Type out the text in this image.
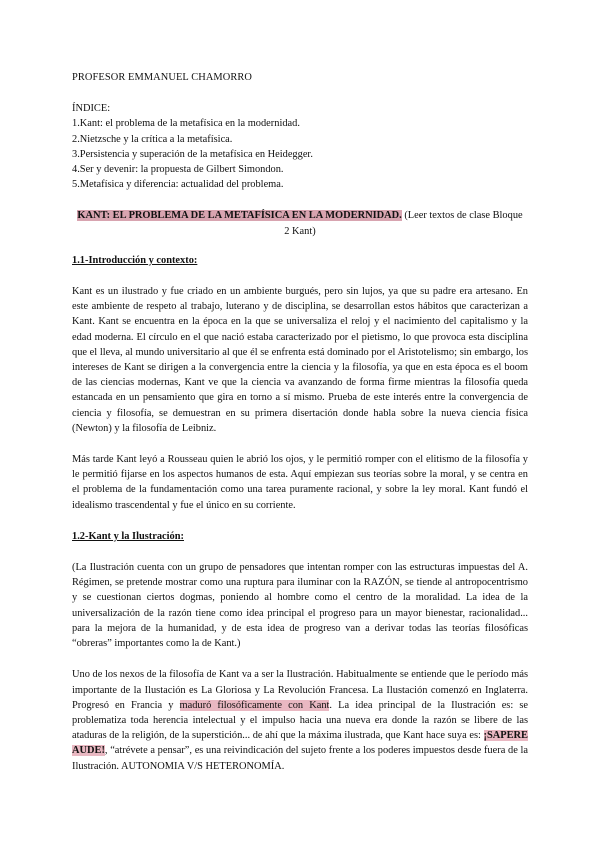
PROFESOR EMMANUEL CHAMORRO
ÍNDICE:
1.Kant: el problema de la metafísica en la modernidad.
2.Nietzsche y la crítica a la metafísica.
3.Persistencia y superación de la metafísica en Heidegger.
4.Ser y devenir: la propuesta de Gilbert Simondon.
5.Metafísica y diferencia: actualidad del problema.
KANT: EL PROBLEMA DE LA METAFÍSICA EN LA MODERNIDAD. (Leer textos de clase Bloque 2 Kant)
1.1-Introducción y contexto:
Kant es un ilustrado y fue criado en un ambiente burgués, pero sin lujos, ya que su padre era artesano. En este ambiente de respeto al trabajo, luterano y de disciplina, se desarrollan estos hábitos que caracterizan a Kant. Kant se encuentra en la época en la que se universaliza el reloj y el nacimiento del capitalismo y la edad moderna. El círculo en el que nació estaba caracterizado por el pietismo, lo que provoca esta disciplina que el lleva, al mundo universitario al que él se enfrenta está dominado por el Aristotelismo; sin embargo, los intereses de Kant se dirigen a la convergencia entre la ciencia y la filosofía, ya que en esta época es el boom de las ciencias modernas, Kant ve que la ciencia va avanzando de forma firme mientras la filosofía queda estancada en un pensamiento que gira en torno a sí mismo. Prueba de este interés entre la convergencia de ciencia y filosofía, se demuestran en su primera disertación donde habla sobre la nueva ciencia física (Newton) y la filosofía de Leibniz.
Más tarde Kant leyó a Rousseau quien le abrió los ojos, y le permitió romper con el elitismo de la filosofía y le permitió fijarse en los aspectos humanos de esta. Aquí empiezan sus teorías sobre la moral, y se centra en el problema de la fundamentación como una tarea puramente racional, y sobre la ley moral. Kant fundó el idealismo trascendental y fue el único en su corriente.
1.2-Kant y la Ilustración:
(La Ilustración cuenta con un grupo de pensadores que intentan romper con las estructuras impuestas del A. Régimen, se pretende mostrar como una ruptura para iluminar con la RAZÓN, se tiende al antropocentrismo y se cuestionan ciertos dogmas, poniendo al hombre como el centro de la moralidad. La idea de la universalización de la razón tiene como idea principal el progreso para un mayor bienestar, racionalidad... para la mejora de la humanidad, y de esta idea de progreso van a derivar todas las teorías filosóficas “obreras” importantes como la de Kant.)
Uno de los nexos de la filosofía de Kant va a ser la Ilustración. Habitualmente se entiende que le período más importante de la Ilustación es La Gloriosa y La Revolución Francesa. La Ilustación comenzó en Inglaterra. Progresó en Francia y maduró filosóficamente con Kant. La idea principal de la Ilustración es: se problematiza toda herencia intelectual y el impulso hacia una nueva era donde la razón se libere de las ataduras de la religión, de la superstición... de ahí que la máxima ilustrada, que Kant hace suya es: ¡SAPERE AUDE!, “atrévete a pensar”, es una reivindicación del sujeto frente a los poderes impuestos desde fuera de la Ilustración. AUTONOMIA V/S HETERONOMÍA.
